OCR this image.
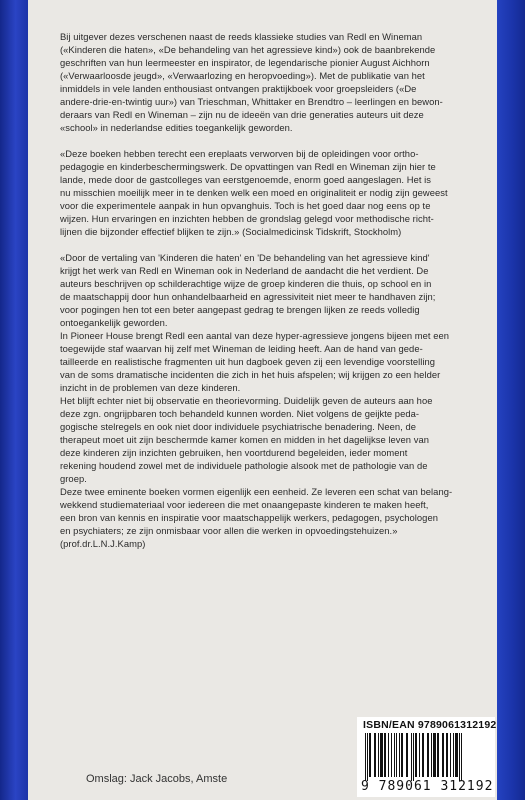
Bij uitgever dezes verschenen naast de reeds klassieke studies van Redl en Wineman
(«Kinderen die haten», «De behandeling van het agressieve kind») ook de baanbrekende
geschriften van hun leermeester en inspirator, de legendarische pionier August Aichhorn
(«Verwaarloosde jeugd», «Verwaarlozing en heropvoeding»). Met de publikatie van het
inmiddels in vele landen enthousiast ontvangen praktijkboek voor groepsleiders («De
andere-drie-en-twintig uur») van Trieschman, Whittaker en Brendtro – leerlingen en bewon-
deraars van Redl en Wineman – zijn nu de ideeën van drie generaties auteurs uit deze
«school» in nederlandse edities toegankelijk geworden.

«Deze boeken hebben terecht een ereplaats verworven bij de opleidingen voor ortho-
pedagogie en kinderbeschermingswerk. De opvattingen van Redl en Wineman zijn hier te
lande, mede door de gastcolleges van eerstgenoemde, enorm goed aangeslagen. Het is
nu misschien moeilijk meer in te denken welk een moed en originaliteit er nodig zijn geweest
voor die experimentele aanpak in hun opvanghuis. Toch is het goed daar nog eens op te
wijzen. Hun ervaringen en inzichten hebben de grondslag gelegd voor methodische richt-
lijnen die bijzonder effectief blijken te zijn.» (Socialmedicinsk Tidskrift, Stockholm)

«Door de vertaling van 'Kinderen die haten' en 'De behandeling van het agressieve kind'
krijgt het werk van Redl en Wineman ook in Nederland de aandacht die het verdient. De
auteurs beschrijven op schilderachtige wijze de groep kinderen die thuis, op school en in
de maatschappij door hun onhandelbaarheid en agressiviteit niet meer te handhaven zijn;
voor pogingen hen tot een beter aangepast gedrag te brengen lijken ze reeds volledig
ontoegankelijk geworden.

In Pioneer House brengt Redl een aantal van deze hyper-agressieve jongens bijeen met een
toegewijde staf waarvan hij zelf met Wineman de leiding heeft. Aan de hand van gede-
tailleerde en realistische fragmenten uit hun dagboek geven zij een levendige voorstelling
van de soms dramatische incidenten die zich in het huis afspelen; wij krijgen zo een helder
inzicht in de problemen van deze kinderen.

Het blijft echter niet bij observatie en theorievorming. Duidelijk geven de auteurs aan hoe
deze zgn. ongrijpbaren toch behandeld kunnen worden. Niet volgens de geijkte peda-
gogische stelregels en ook niet door individuele psychiatrische benadering. Neen, de
therapeut moet uit zijn beschermde kamer komen en midden in het dagelijkse leven van
deze kinderen zijn inzichten gebruiken, hen voortdurend begeleiden, ieder moment
rekening houdend zowel met de individuele pathologie alsook met de pathologie van de
groep.

Deze twee eminente boeken vormen eigenlijk een eenheid. Ze leveren een schat van belang-
wekkend studiemateriaal voor iedereen die met onaangepaste kinderen te maken heeft,
een bron van kennis en inspiratie voor maatschappelijk werkers, pedagogen, psychologen
en psychiaters; ze zijn onmisbaar voor allen die werken in opvoedingstehuizen.»
(prof.dr.L.N.J.Kamp)

ISBN/EAN 9789061312192
9 789061 312192
Omslag: Jack Jacobs, Amste
